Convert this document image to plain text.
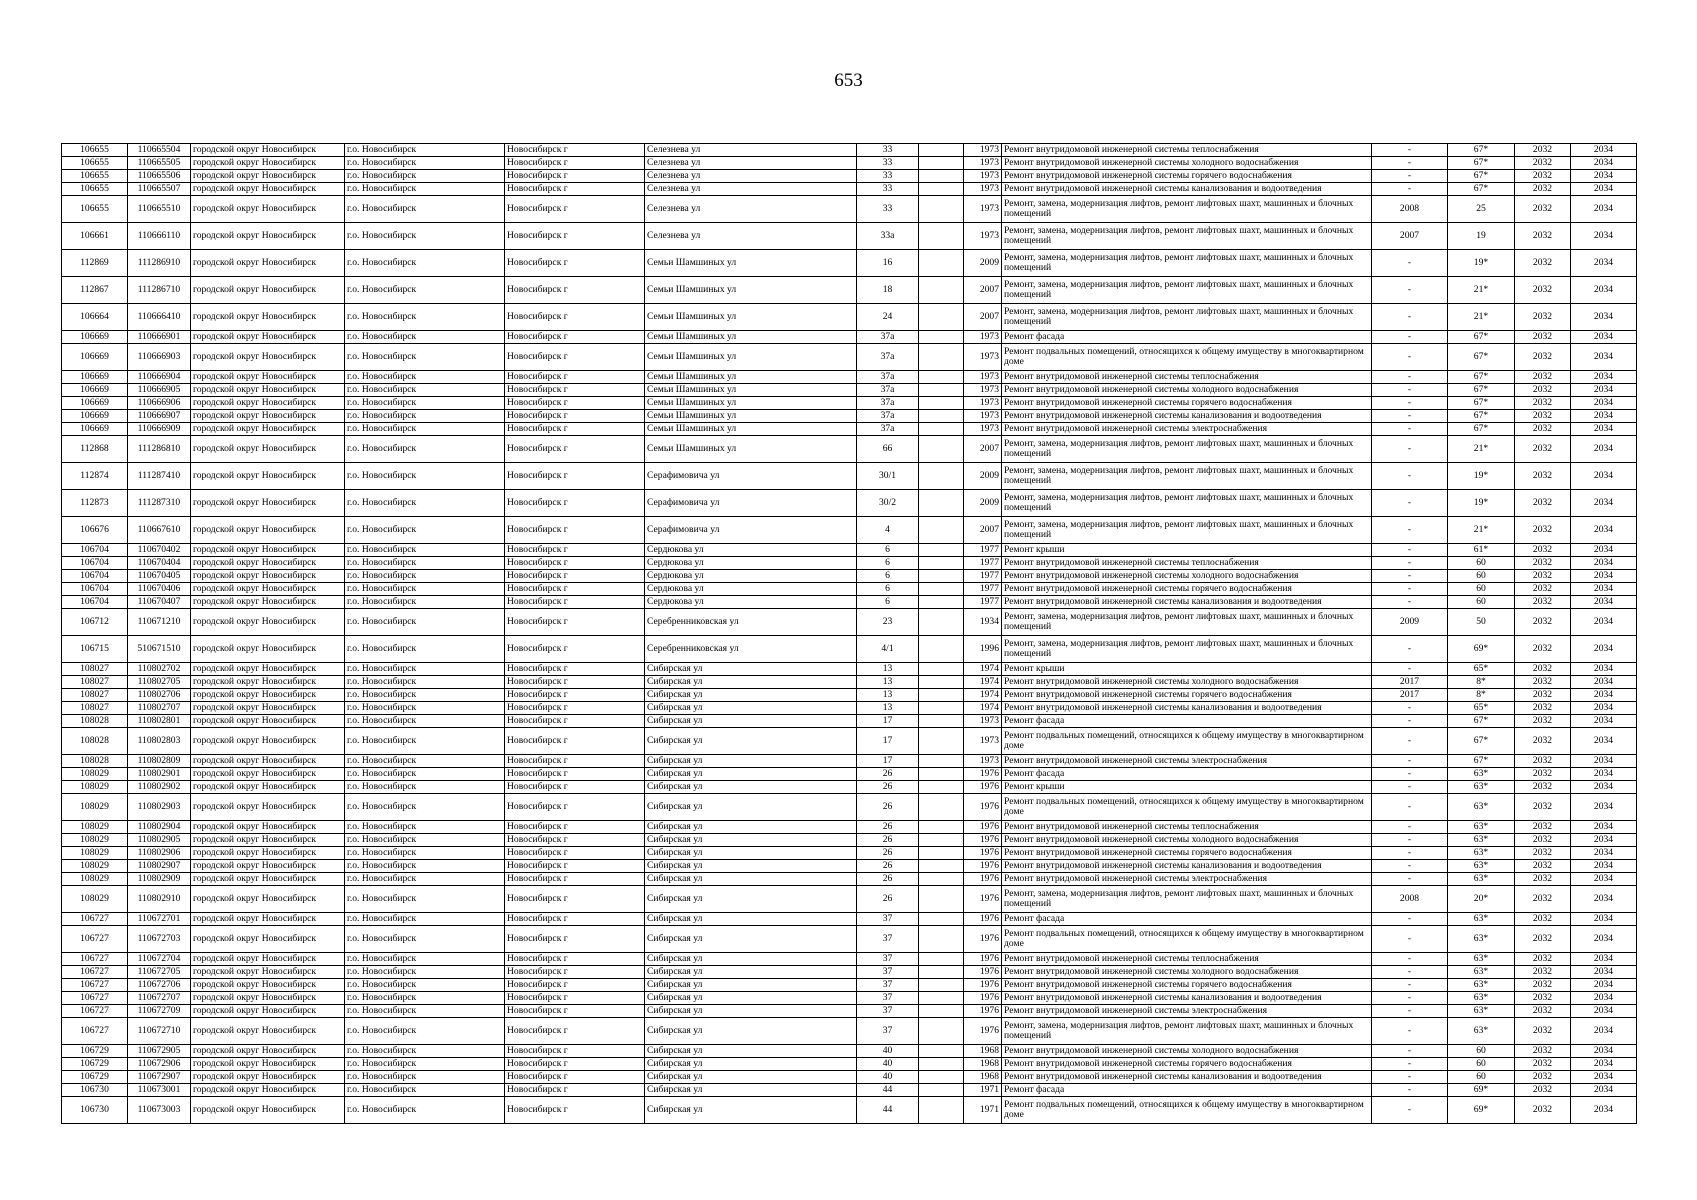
653
106655	110665504	городской округ Новосибирск	г.о. Новосибирск	Новосибирск г	Селезнева ул	33		1973	Ремонт внутридомовой инженерной системы теплоснабжения	-	67*	2032	2034
106655	110665505	городской округ Новосибирск	г.о. Новосибирск	Новосибирск г	Селезнева ул	33		1973	Ремонт внутридомовой инженерной системы холодного водоснабжения	-	67*	2032	2034
106655	110665506	городской округ Новосибирск	г.о. Новосибирск	Новосибирск г	Селезнева ул	33		1973	Ремонт внутридомовой инженерной системы горячего водоснабжения	-	67*	2032	2034
106655	110665507	городской округ Новосибирск	г.о. Новосибирск	Новосибирск г	Селезнева ул	33		1973	Ремонт внутридомовой инженерной системы канализования и водоотведения	-	67*	2032	2034
106655	110665510	городской округ Новосибирск	г.о. Новосибирск	Новосибирск г	Селезнева ул	33		1973	Ремонт, замена, модернизация лифтов, ремонт лифтовых шахт, машинных и блочных помещений	2008	25	2032	2034
106661	110666110	городской округ Новосибирск	г.о. Новосибирск	Новосибирск г	Селезнева ул	33а		1973	Ремонт, замена, модернизация лифтов, ремонт лифтовых шахт, машинных и блочных помещений	2007	19	2032	2034
112869	111286910	городской округ Новосибирск	г.о. Новосибирск	Новосибирск г	Семьи Шамшиных ул	16		2009	Ремонт, замена, модернизация лифтов, ремонт лифтовых шахт, машинных и блочных помещений	-	19*	2032	2034
112867	111286710	городской округ Новосибирск	г.о. Новосибирск	Новосибирск г	Семьи Шамшиных ул	18		2007	Ремонт, замена, модернизация лифтов, ремонт лифтовых шахт, машинных и блочных помещений	-	21*	2032	2034
106664	110666410	городской округ Новосибирск	г.о. Новосибирск	Новосибирск г	Семьи Шамшиных ул	24		2007	Ремонт, замена, модернизация лифтов, ремонт лифтовых шахт, машинных и блочных помещений	-	21*	2032	2034
106669	110666901	городской округ Новосибирск	г.о. Новосибирск	Новосибирск г	Семьи Шамшиных ул	37а		1973	Ремонт фасада	-	67*	2032	2034
106669	110666903	городской округ Новосибирск	г.о. Новосибирск	Новосибирск г	Семьи Шамшиных ул	37а		1973	Ремонт подвальных помещений, относящихся к общему имуществу в многоквартирном доме	-	67*	2032	2034
106669	110666904	городской округ Новосибирск	г.о. Новосибирск	Новосибирск г	Семьи Шамшиных ул	37а		1973	Ремонт внутридомовой инженерной системы теплоснабжения	-	67*	2032	2034
106669	110666905	городской округ Новосибирск	г.о. Новосибирск	Новосибирск г	Семьи Шамшиных ул	37а		1973	Ремонт внутридомовой инженерной системы холодного водоснабжения	-	67*	2032	2034
106669	110666906	городской округ Новосибирск	г.о. Новосибирск	Новосибирск г	Семьи Шамшиных ул	37а		1973	Ремонт внутридомовой инженерной системы горячего водоснабжения	-	67*	2032	2034
106669	110666907	городской округ Новосибирск	г.о. Новосибирск	Новосибирск г	Семьи Шамшиных ул	37а		1973	Ремонт внутридомовой инженерной системы канализования и водоотведения	-	67*	2032	2034
106669	110666909	городской округ Новосибирск	г.о. Новосибирск	Новосибирск г	Семьи Шамшиных ул	37а		1973	Ремонт внутридомовой инженерной системы электроснабжения	-	67*	2032	2034
112868	111286810	городской округ Новосибирск	г.о. Новосибирск	Новосибирск г	Семьи Шамшиных ул	66		2007	Ремонт, замена, модернизация лифтов, ремонт лифтовых шахт, машинных и блочных помещений	-	21*	2032	2034
112874	111287410	городской округ Новосибирск	г.о. Новосибирск	Новосибирск г	Серафимовича ул	30/1		2009	Ремонт, замена, модернизация лифтов, ремонт лифтовых шахт, машинных и блочных помещений	-	19*	2032	2034
112873	111287310	городской округ Новосибирск	г.о. Новосибирск	Новосибирск г	Серафимовича ул	30/2		2009	Ремонт, замена, модернизация лифтов, ремонт лифтовых шахт, машинных и блочных помещений	-	19*	2032	2034
106676	110667610	городской округ Новосибирск	г.о. Новосибирск	Новосибирск г	Серафимовича ул	4		2007	Ремонт, замена, модернизация лифтов, ремонт лифтовых шахт, машинных и блочных помещений	-	21*	2032	2034
106704	110670402	городской округ Новосибирск	г.о. Новосибирск	Новосибирск г	Сердюкова ул	6		1977	Ремонт крыши	-	61*	2032	2034
106704	110670404	городской округ Новосибирск	г.о. Новосибирск	Новосибирск г	Сердюкова ул	6		1977	Ремонт внутридомовой инженерной системы теплоснабжения	-	60	2032	2034
106704	110670405	городской округ Новосибирск	г.о. Новосибирск	Новосибирск г	Сердюкова ул	6		1977	Ремонт внутридомовой инженерной системы холодного водоснабжения	-	60	2032	2034
106704	110670406	городской округ Новосибирск	г.о. Новосибирск	Новосибирск г	Сердюкова ул	6		1977	Ремонт внутридомовой инженерной системы горячего водоснабжения	-	60	2032	2034
106704	110670407	городской округ Новосибирск	г.о. Новосибирск	Новосибирск г	Сердюкова ул	6		1977	Ремонт внутридомовой инженерной системы канализования и водоотведения	-	60	2032	2034
106712	110671210	городской округ Новосибирск	г.о. Новосибирск	Новосибирск г	Серебренниковская ул	23		1934	Ремонт, замена, модернизация лифтов, ремонт лифтовых шахт, машинных и блочных помещений	2009	50	2032	2034
106715	510671510	городской округ Новосибирск	г.о. Новосибирск	Новосибирск г	Серебренниковская ул	4/1		1996	Ремонт, замена, модернизация лифтов, ремонт лифтовых шахт, машинных и блочных помещений	-	69*	2032	2034
108027	110802702	городской округ Новосибирск	г.о. Новосибирск	Новосибирск г	Сибирская ул	13		1974	Ремонт крыши	-	65*	2032	2034
108027	110802705	городской округ Новосибирск	г.о. Новосибирск	Новосибирск г	Сибирская ул	13		1974	Ремонт внутридомовой инженерной системы холодного водоснабжения	2017	8*	2032	2034
108027	110802706	городской округ Новосибирск	г.о. Новосибирск	Новосибирск г	Сибирская ул	13		1974	Ремонт внутридомовой инженерной системы горячего водоснабжения	2017	8*	2032	2034
108027	110802707	городской округ Новосибирск	г.о. Новосибирск	Новосибирск г	Сибирская ул	13		1974	Ремонт внутридомовой инженерной системы канализования и водоотведения	-	65*	2032	2034
108028	110802801	городской округ Новосибирск	г.о. Новосибирск	Новосибирск г	Сибирская ул	17		1973	Ремонт фасада	-	67*	2032	2034
108028	110802803	городской округ Новосибирск	г.о. Новосибирск	Новосибирск г	Сибирская ул	17		1973	Ремонт подвальных помещений, относящихся к общему имуществу в многоквартирном доме	-	67*	2032	2034
108028	110802809	городской округ Новосибирск	г.о. Новосибирск	Новосибирск г	Сибирская ул	17		1973	Ремонт внутридомовой инженерной системы электроснабжения	-	67*	2032	2034
108029	110802901	городской округ Новосибирск	г.о. Новосибирск	Новосибирск г	Сибирская ул	26		1976	Ремонт фасада	-	63*	2032	2034
108029	110802902	городской округ Новосибирск	г.о. Новосибирск	Новосибирск г	Сибирская ул	26		1976	Ремонт крыши	-	63*	2032	2034
108029	110802903	городской округ Новосибирск	г.о. Новосибирск	Новосибирск г	Сибирская ул	26		1976	Ремонт подвальных помещений, относящихся к общему имуществу в многоквартирном доме	-	63*	2032	2034
108029	110802904	городской округ Новосибирск	г.о. Новосибирск	Новосибирск г	Сибирская ул	26		1976	Ремонт внутридомовой инженерной системы теплоснабжения	-	63*	2032	2034
108029	110802905	городской округ Новосибирск	г.о. Новосибирск	Новосибирск г	Сибирская ул	26		1976	Ремонт внутридомовой инженерной системы холодного водоснабжения	-	63*	2032	2034
108029	110802906	городской округ Новосибирск	г.о. Новосибирск	Новосибирск г	Сибирская ул	26		1976	Ремонт внутридомовой инженерной системы горячего водоснабжения	-	63*	2032	2034
108029	110802907	городской округ Новосибирск	г.о. Новосибирск	Новосибирск г	Сибирская ул	26		1976	Ремонт внутридомовой инженерной системы канализования и водоотведения	-	63*	2032	2034
108029	110802909	городской округ Новосибирск	г.о. Новосибирск	Новосибирск г	Сибирская ул	26		1976	Ремонт внутридомовой инженерной системы электроснабжения	-	63*	2032	2034
108029	110802910	городской округ Новосибирск	г.о. Новосибирск	Новосибирск г	Сибирская ул	26		1976	Ремонт, замена, модернизация лифтов, ремонт лифтовых шахт, машинных и блочных помещений	2008	20*	2032	2034
106727	110672701	городской округ Новосибирск	г.о. Новосибирск	Новосибирск г	Сибирская ул	37		1976	Ремонт фасада	-	63*	2032	2034
106727	110672703	городской округ Новосибирск	г.о. Новосибирск	Новосибирск г	Сибирская ул	37		1976	Ремонт подвальных помещений, относящихся к общему имуществу в многоквартирном доме	-	63*	2032	2034
106727	110672704	городской округ Новосибирск	г.о. Новосибирск	Новосибирск г	Сибирская ул	37		1976	Ремонт внутридомовой инженерной системы теплоснабжения	-	63*	2032	2034
106727	110672705	городской округ Новосибирск	г.о. Новосибирск	Новосибирск г	Сибирская ул	37		1976	Ремонт внутридомовой инженерной системы холодного водоснабжения	-	63*	2032	2034
106727	110672706	городской округ Новосибирск	г.о. Новосибирск	Новосибирск г	Сибирская ул	37		1976	Ремонт внутридомовой инженерной системы горячего водоснабжения	-	63*	2032	2034
106727	110672707	городской округ Новосибирск	г.о. Новосибирск	Новосибирск г	Сибирская ул	37		1976	Ремонт внутридомовой инженерной системы канализования и водоотведения	-	63*	2032	2034
106727	110672709	городской округ Новосибирск	г.о. Новосибирск	Новосибирск г	Сибирская ул	37		1976	Ремонт внутридомовой инженерной системы электроснабжения	-	63*	2032	2034
106727	110672710	городской округ Новосибирск	г.о. Новосибирск	Новосибирск г	Сибирская ул	37		1976	Ремонт, замена, модернизация лифтов, ремонт лифтовых шахт, машинных и блочных помещений	-	63*	2032	2034
106729	110672905	городской округ Новосибирск	г.о. Новосибирск	Новосибирск г	Сибирская ул	40		1968	Ремонт внутридомовой инженерной системы холодного водоснабжения	-	60	2032	2034
106729	110672906	городской округ Новосибирск	г.о. Новосибирск	Новосибирск г	Сибирская ул	40		1968	Ремонт внутридомовой инженерной системы горячего водоснабжения	-	60	2032	2034
106729	110672907	городской округ Новосибирск	г.о. Новосибирск	Новосибирск г	Сибирская ул	40		1968	Ремонт внутридомовой инженерной системы канализования и водоотведения	-	60	2032	2034
106730	110673001	городской округ Новосибирск	г.о. Новосибирск	Новосибирск г	Сибирская ул	44		1971	Ремонт фасада	-	69*	2032	2034
106730	110673003	городской округ Новосибирск	г.о. Новосибирск	Новосибирск г	Сибирская ул	44		1971	Ремонт подвальных помещений, относящихся к общему имуществу в многоквартирном доме	-	69*	2032	2034
